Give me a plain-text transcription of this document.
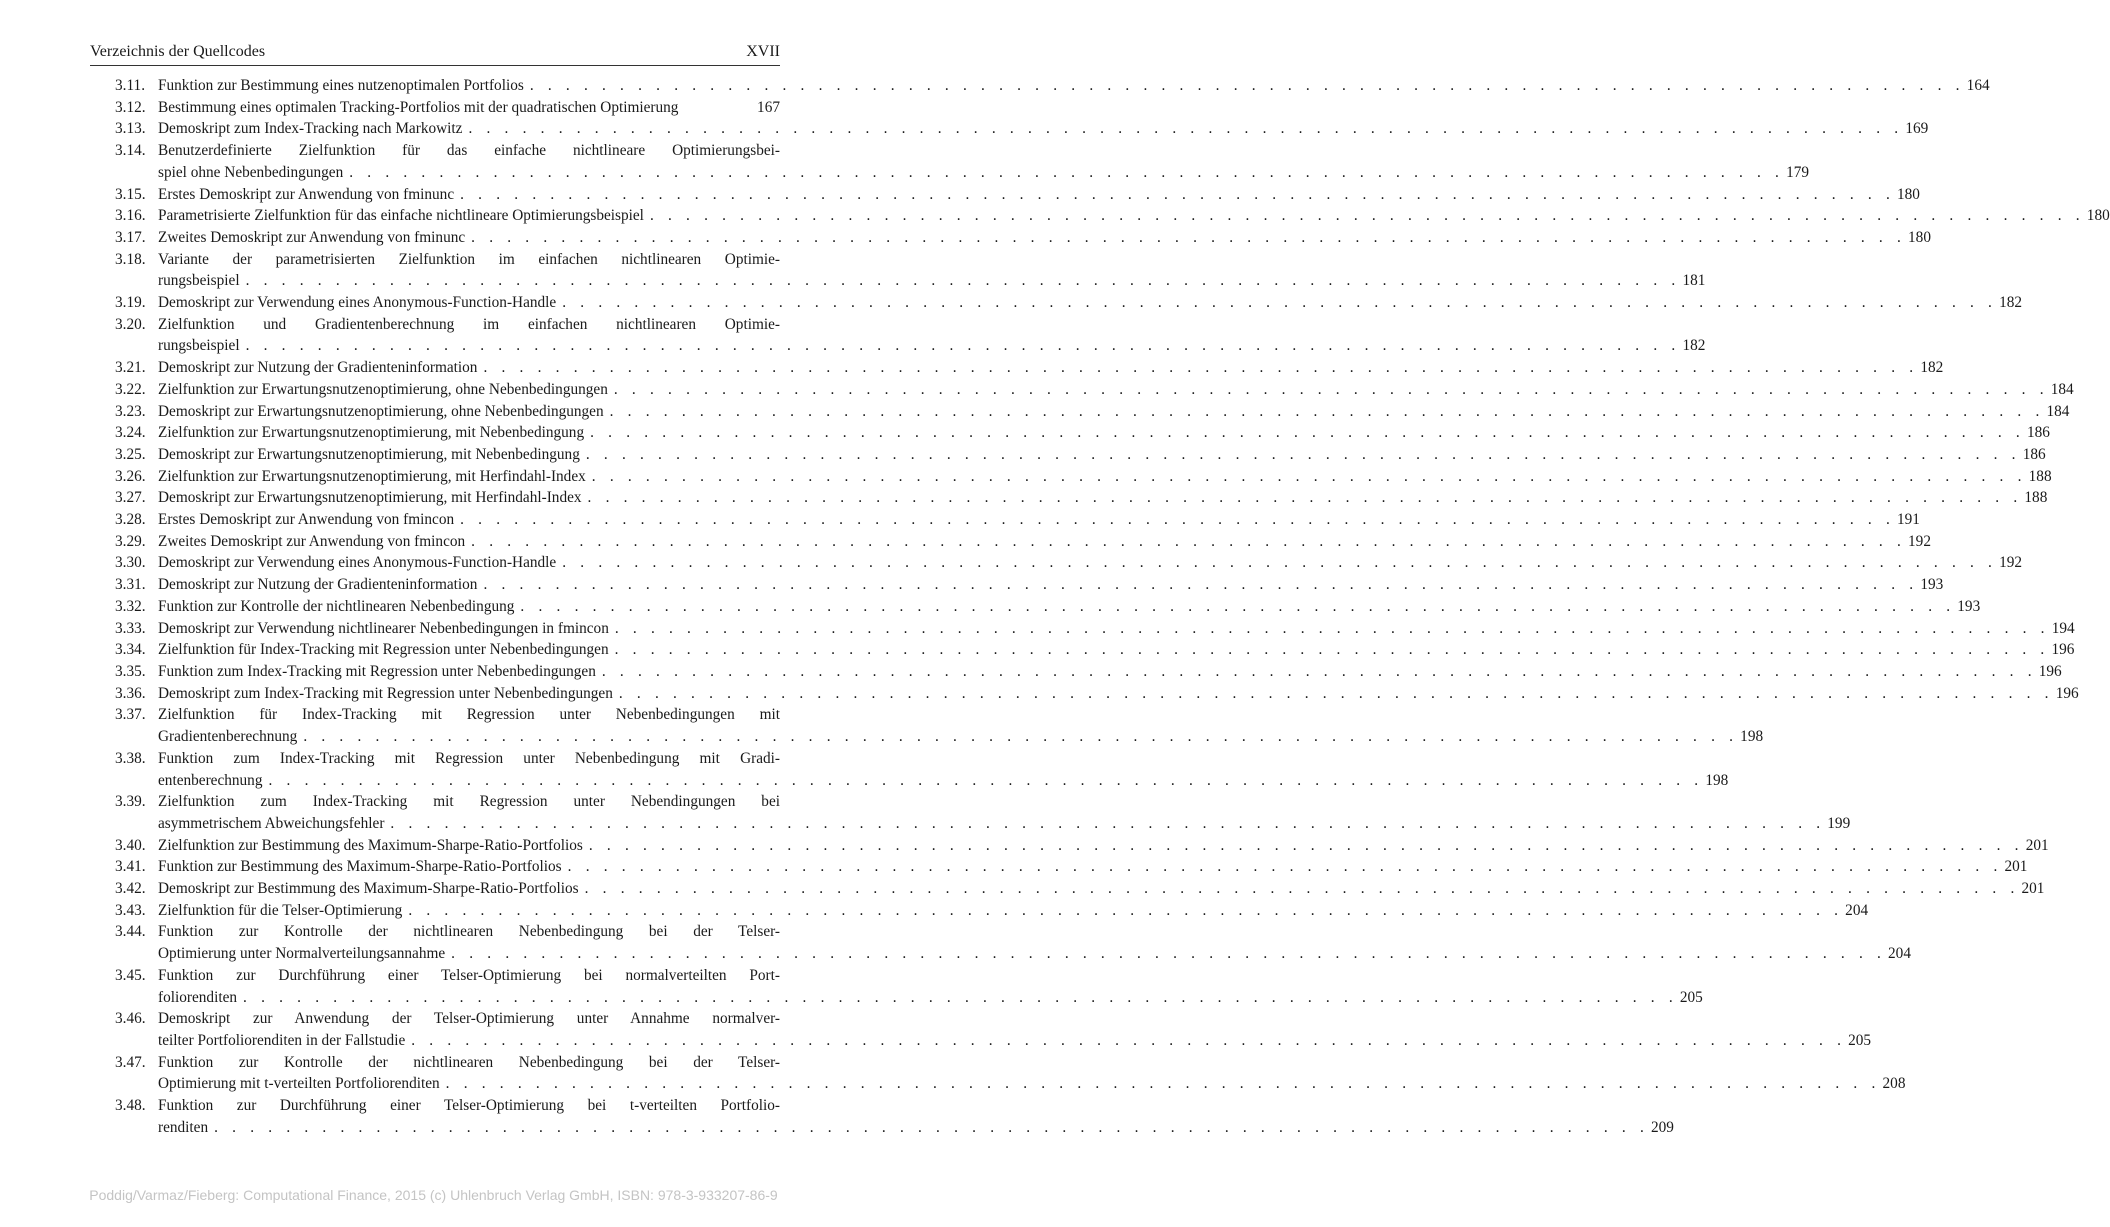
Verzeichnis der Quellcodes	XVII
3.11. Funktion zur Bestimmung eines nutzenoptimalen Portfolios . . . . . . . . . . . . . . . . . . . . . . . . . . . . . . . . . . . . . . . . . . . . . . . . . . . . . . . . . . . . . . . . . . . . . . . . . . . . . . . . 164
3.12. Bestimmung eines optimalen Tracking-Portfolios mit der quadratischen Optimierung	167
3.13. Demoskript zum Index-Tracking nach Markowitz . . . . . . . . . . . . . . . . . . . . . . . . . . . . . . . . . . . . . . . . . . . . . . . . . . . . . . . . . . . . . . . . . . . . . . . . . . . . . . . . 169
3.14. Benutzerdefinierte Zielfunktion für das einfache nichtlineare Optimierungsbei-
spiel ohne Nebenbedingungen . . . . . . . . . . . . . . . . . . . . . . . . . . . . . . . . . . . . . . . . . . . . . . . . . . . . . . . . . . . . . . . . . . . . . . . . . . . . . . . . 179
3.15. Erstes Demoskript zur Anwendung von fminunc . . . . . . . . . . . . . . . . . . . . . . . . . . . . . . . . . . . . . . . . . . . . . . . . . . . . . . . . . . . . . . . . . . . . . . . . . . . . . . . . 180
3.16. Parametrisierte Zielfunktion für das einfache nichtlineare Optimierungsbeispiel . . . . . . . . . . . . . . . . . . . . . . . . . . . . . . . . . . . . . . . . . . . . . . . . . . . . . . . . . . . . . . . . . . . . . . . . . . . . . . . . 180
3.17. Zweites Demoskript zur Anwendung von fminunc . . . . . . . . . . . . . . . . . . . . . . . . . . . . . . . . . . . . . . . . . . . . . . . . . . . . . . . . . . . . . . . . . . . . . . . . . . . . . . . . 180
3.18. Variante der parametrisierten Zielfunktion im einfachen nichtlinearen Optimie-
rungsbeispiel . . . . . . . . . . . . . . . . . . . . . . . . . . . . . . . . . . . . . . . . . . . . . . . . . . . . . . . . . . . . . . . . . . . . . . . . . . . . . . . . 181
3.19. Demoskript zur Verwendung eines Anonymous-Function-Handle . . . . . . . . . . . . . . . . . . . . . . . . . . . . . . . . . . . . . . . . . . . . . . . . . . . . . . . . . . . . . . . . . . . . . . . . . . . . . . . . 182
3.20. Zielfunktion und Gradientenberechnung im einfachen nichtlinearen Optimie-
rungsbeispiel . . . . . . . . . . . . . . . . . . . . . . . . . . . . . . . . . . . . . . . . . . . . . . . . . . . . . . . . . . . . . . . . . . . . . . . . . . . . . . . . 182
3.21. Demoskript zur Nutzung der Gradienteninformation . . . . . . . . . . . . . . . . . . . . . . . . . . . . . . . . . . . . . . . . . . . . . . . . . . . . . . . . . . . . . . . . . . . . . . . . . . . . . . . . 182
3.22. Zielfunktion zur Erwartungsnutzenoptimierung, ohne Nebenbedingungen . . . . . . . . . . . . . . . . . . . . . . . . . . . . . . . . . . . . . . . . . . . . . . . . . . . . . . . . . . . . . . . . . . . . . . . . . . . . . . . . 184
3.23. Demoskript zur Erwartungsnutzenoptimierung, ohne Nebenbedingungen . . . . . . . . . . . . . . . . . . . . . . . . . . . . . . . . . . . . . . . . . . . . . . . . . . . . . . . . . . . . . . . . . . . . . . . . . . . . . . . . 184
3.24. Zielfunktion zur Erwartungsnutzenoptimierung, mit Nebenbedingung . . . . . . . . . . . . . . . . . . . . . . . . . . . . . . . . . . . . . . . . . . . . . . . . . . . . . . . . . . . . . . . . . . . . . . . . . . . . . . . . 186
3.25. Demoskript zur Erwartungsnutzenoptimierung, mit Nebenbedingung . . . . . . . . . . . . . . . . . . . . . . . . . . . . . . . . . . . . . . . . . . . . . . . . . . . . . . . . . . . . . . . . . . . . . . . . . . . . . . . . 186
3.26. Zielfunktion zur Erwartungsnutzenoptimierung, mit Herfindahl-Index . . . . . . . . . . . . . . . . . . . . . . . . . . . . . . . . . . . . . . . . . . . . . . . . . . . . . . . . . . . . . . . . . . . . . . . . . . . . . . . . 188
3.27. Demoskript zur Erwartungsnutzenoptimierung, mit Herfindahl-Index . . . . . . . . . . . . . . . . . . . . . . . . . . . . . . . . . . . . . . . . . . . . . . . . . . . . . . . . . . . . . . . . . . . . . . . . . . . . . . . . 188
3.28. Erstes Demoskript zur Anwendung von fmincon . . . . . . . . . . . . . . . . . . . . . . . . . . . . . . . . . . . . . . . . . . . . . . . . . . . . . . . . . . . . . . . . . . . . . . . . . . . . . . . . 191
3.29. Zweites Demoskript zur Anwendung von fmincon . . . . . . . . . . . . . . . . . . . . . . . . . . . . . . . . . . . . . . . . . . . . . . . . . . . . . . . . . . . . . . . . . . . . . . . . . . . . . . . . 192
3.30. Demoskript zur Verwendung eines Anonymous-Function-Handle . . . . . . . . . . . . . . . . . . . . . . . . . . . . . . . . . . . . . . . . . . . . . . . . . . . . . . . . . . . . . . . . . . . . . . . . . . . . . . . . 192
3.31. Demoskript zur Nutzung der Gradienteninformation . . . . . . . . . . . . . . . . . . . . . . . . . . . . . . . . . . . . . . . . . . . . . . . . . . . . . . . . . . . . . . . . . . . . . . . . . . . . . . . . 193
3.32. Funktion zur Kontrolle der nichtlinearen Nebenbedingung . . . . . . . . . . . . . . . . . . . . . . . . . . . . . . . . . . . . . . . . . . . . . . . . . . . . . . . . . . . . . . . . . . . . . . . . . . . . . . . . 193
3.33. Demoskript zur Verwendung nichtlinearer Nebenbedingungen in fmincon . . . . . . . . . . . . . . . . . . . . . . . . . . . . . . . . . . . . . . . . . . . . . . . . . . . . . . . . . . . . . . . . . . . . . . . . . . . . . . . . 194
3.34. Zielfunktion für Index-Tracking mit Regression unter Nebenbedingungen . . . . . . . . . . . . . . . . . . . . . . . . . . . . . . . . . . . . . . . . . . . . . . . . . . . . . . . . . . . . . . . . . . . . . . . . . . . . . . . . 196
3.35. Funktion zum Index-Tracking mit Regression unter Nebenbedingungen . . . . . . . . . . . . . . . . . . . . . . . . . . . . . . . . . . . . . . . . . . . . . . . . . . . . . . . . . . . . . . . . . . . . . . . . . . . . . . . . 196
3.36. Demoskript zum Index-Tracking mit Regression unter Nebenbedingungen . . . . . . . . . . . . . . . . . . . . . . . . . . . . . . . . . . . . . . . . . . . . . . . . . . . . . . . . . . . . . . . . . . . . . . . . . . . . . . . . 196
3.37. Zielfunktion für Index-Tracking mit Regression unter Nebenbedingungen mit
Gradientenberechnung . . . . . . . . . . . . . . . . . . . . . . . . . . . . . . . . . . . . . . . . . . . . . . . . . . . . . . . . . . . . . . . . . . . . . . . . . . . . . . . . 198
3.38. Funktion zum Index-Tracking mit Regression unter Nebenbedingung mit Gradi-
entenberechnung . . . . . . . . . . . . . . . . . . . . . . . . . . . . . . . . . . . . . . . . . . . . . . . . . . . . . . . . . . . . . . . . . . . . . . . . . . . . . . . . 198
3.39. Zielfunktion zum Index-Tracking mit Regression unter Nebendingungen bei
asymmetrischem Abweichungsfehler . . . . . . . . . . . . . . . . . . . . . . . . . . . . . . . . . . . . . . . . . . . . . . . . . . . . . . . . . . . . . . . . . . . . . . . . . . . . . . . . 199
3.40. Zielfunktion zur Bestimmung des Maximum-Sharpe-Ratio-Portfolios . . . . . . . . . . . . . . . . . . . . . . . . . . . . . . . . . . . . . . . . . . . . . . . . . . . . . . . . . . . . . . . . . . . . . . . . . . . . . . . . 201
3.41. Funktion zur Bestimmung des Maximum-Sharpe-Ratio-Portfolios . . . . . . . . . . . . . . . . . . . . . . . . . . . . . . . . . . . . . . . . . . . . . . . . . . . . . . . . . . . . . . . . . . . . . . . . . . . . . . . . 201
3.42. Demoskript zur Bestimmung des Maximum-Sharpe-Ratio-Portfolios . . . . . . . . . . . . . . . . . . . . . . . . . . . . . . . . . . . . . . . . . . . . . . . . . . . . . . . . . . . . . . . . . . . . . . . . . . . . . . . . 201
3.43. Zielfunktion für die Telser-Optimierung . . . . . . . . . . . . . . . . . . . . . . . . . . . . . . . . . . . . . . . . . . . . . . . . . . . . . . . . . . . . . . . . . . . . . . . . . . . . . . . . 204
3.44. Funktion zur Kontrolle der nichtlinearen Nebenbedingung bei der Telser-
Optimierung unter Normalverteilungsannahme . . . . . . . . . . . . . . . . . . . . . . . . . . . . . . . . . . . . . . . . . . . . . . . . . . . . . . . . . . . . . . . . . . . . . . . . . . . . . . . . 204
3.45. Funktion zur Durchführung einer Telser-Optimierung bei normalverteilten Port-
foliorenditen . . . . . . . . . . . . . . . . . . . . . . . . . . . . . . . . . . . . . . . . . . . . . . . . . . . . . . . . . . . . . . . . . . . . . . . . . . . . . . . . 205
3.46. Demoskript zur Anwendung der Telser-Optimierung unter Annahme normalver-
teilter Portfoliorenditen in der Fallstudie . . . . . . . . . . . . . . . . . . . . . . . . . . . . . . . . . . . . . . . . . . . . . . . . . . . . . . . . . . . . . . . . . . . . . . . . . . . . . . . . 205
3.47. Funktion zur Kontrolle der nichtlinearen Nebenbedingung bei der Telser-
Optimierung mit t-verteilten Portfoliorenditen . . . . . . . . . . . . . . . . . . . . . . . . . . . . . . . . . . . . . . . . . . . . . . . . . . . . . . . . . . . . . . . . . . . . . . . . . . . . . . . . 208
3.48. Funktion zur Durchführung einer Telser-Optimierung bei t-verteilten Portfolio-
renditen . . . . . . . . . . . . . . . . . . . . . . . . . . . . . . . . . . . . . . . . . . . . . . . . . . . . . . . . . . . . . . . . . . . . . . . . . . . . . . . . 209
Poddig/Varmaz/Fieberg: Computational Finance, 2015 (c) Uhlenbruch Verlag GmbH, ISBN: 978-3-933207-86-9
